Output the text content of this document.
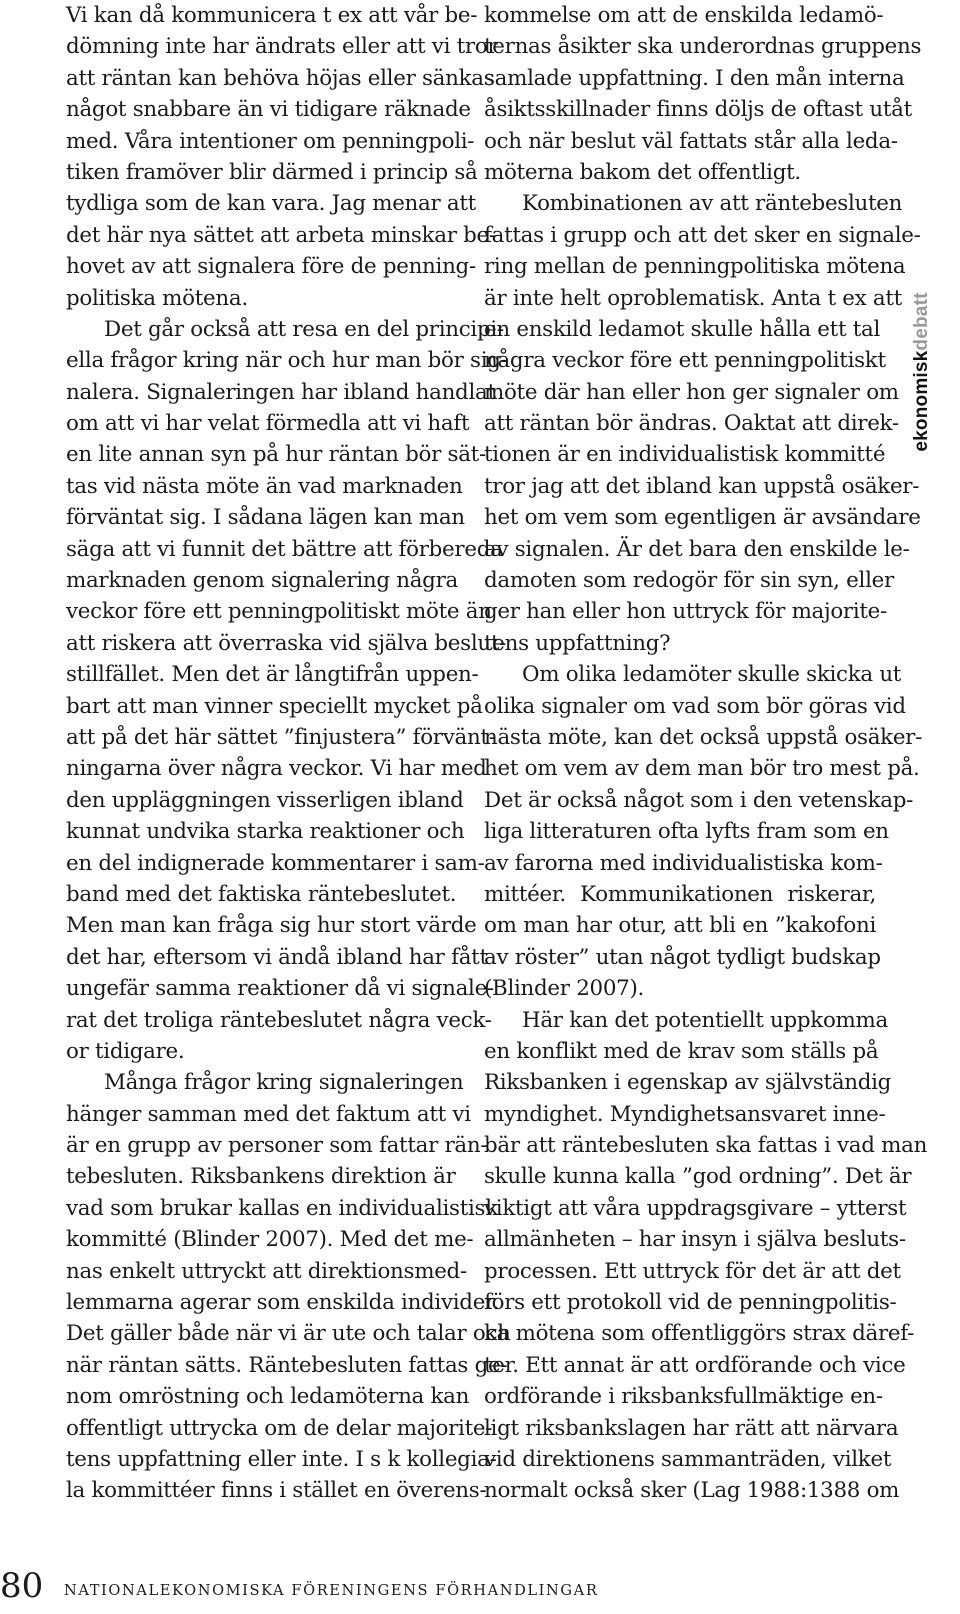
Vi kan då kommunicera t ex att vår be-
dömning inte har ändrats eller att vi tror
att räntan kan behöva höjas eller sänkas
något snabbare än vi tidigare räknade
med. Våra intentioner om penningpoli-
tiken framöver blir därmed i princip så
tydliga som de kan vara. Jag menar att
det här nya sättet att arbeta minskar be-
hovet av att signalera före de penning-
politiska mötena.
Det går också att resa en del principi-
ella frågor kring när och hur man bör sig-
nalera. Signaleringen har ibland handlat
om att vi har velat förmedla att vi haft
en lite annan syn på hur räntan bör sät-
tas vid nästa möte än vad marknaden
förväntat sig. I sådana lägen kan man
säga att vi funnit det bättre att förbereda
marknaden genom signalering några
veckor före ett penningpolitiskt möte än
att riskera att överraska vid själva beslut-
stillfället. Men det är långtifrån uppen-
bart att man vinner speciellt mycket på
att på det här sättet ”finjustera” förvänt-
ningarna över några veckor. Vi har med
den uppläggningen visserligen ibland
kunnat undvika starka reaktioner och
en del indignerade kommentarer i sam-
band med det faktiska räntebeslutet.
Men man kan fråga sig hur stort värde
det har, eftersom vi ändå ibland har fått
ungefär samma reaktioner då vi signale-
rat det troliga räntebeslutet några veck-
or tidigare.
Många frågor kring signaleringen
hänger samman med det faktum att vi
är en grupp av personer som fattar rän-
tebesluten. Riksbankens direktion är
vad som brukar kallas en individualistisk
kommitté (Blinder 2007). Med det me-
nas enkelt uttryckt att direktionsmed-
lemmarna agerar som enskilda individer.
Det gäller både när vi är ute och talar och
när räntan sätts. Räntebesluten fattas ge-
nom omröstning och ledamöterna kan
offentligt uttrycka om de delar majorite-
tens uppfattning eller inte. I s k kollegia-
la kommittéer finns i stället en överens-
kommelse om att de enskilda ledamö-
ternas åsikter ska underordnas gruppens
samlade uppfattning. I den mån interna
åsiktsskillnader finns döljs de oftast utåt
och när beslut väl fattats står alla leda-
möterna bakom det offentligt.
Kombinationen av att räntebesluten
fattas i grupp och att det sker en signale-
ring mellan de penningpolitiska mötena
är inte helt oproblematisk. Anta t ex att
en enskild ledamot skulle hålla ett tal
några veckor före ett penningpolitiskt
möte där han eller hon ger signaler om
att räntan bör ändras. Oaktat att direk-
tionen är en individualistisk kommitté
tror jag att det ibland kan uppstå osäker-
het om vem som egentligen är avsändare
av signalen. Är det bara den enskilde le-
damoten som redogör för sin syn, eller
ger han eller hon uttryck för majorite-
tens uppfattning?
Om olika ledamöter skulle skicka ut
olika signaler om vad som bör göras vid
nästa möte, kan det också uppstå osäker-
het om vem av dem man bör tro mest på.
Det är också något som i den vetenskap-
liga litteraturen ofta lyfts fram som en
av farorna med individualistiska kom-
mittéer. Kommunikationen riskerar,
om man har otur, att bli en ”kakofoni
av röster” utan något tydligt budskap
(Blinder 2007).
Här kan det potentiellt uppkomma
en konflikt med de krav som ställs på
Riksbanken i egenskap av självständig
myndighet. Myndighetsansvaret inne-
bär att räntebesluten ska fattas i vad man
skulle kunna kalla ”god ordning”. Det är
viktigt att våra uppdragsgivare – ytterst
allmänheten – har insyn i själva besluts-
processen. Ett uttryck för det är att det
förs ett protokoll vid de penningpolitis-
ka mötena som offentliggörs strax däref-
ter. Ett annat är att ordförande och vice
ordförande i riksbanksfullmäktige en-
ligt riksbankslagen har rätt att närvara
vid direktionens sammanträden, vilket
normalt också sker (Lag 1988:1388 om
ekonomiskdebatt
80 NATIONALEKONOMISKA FÖRENINGENS FÖRHANDLINGAR
